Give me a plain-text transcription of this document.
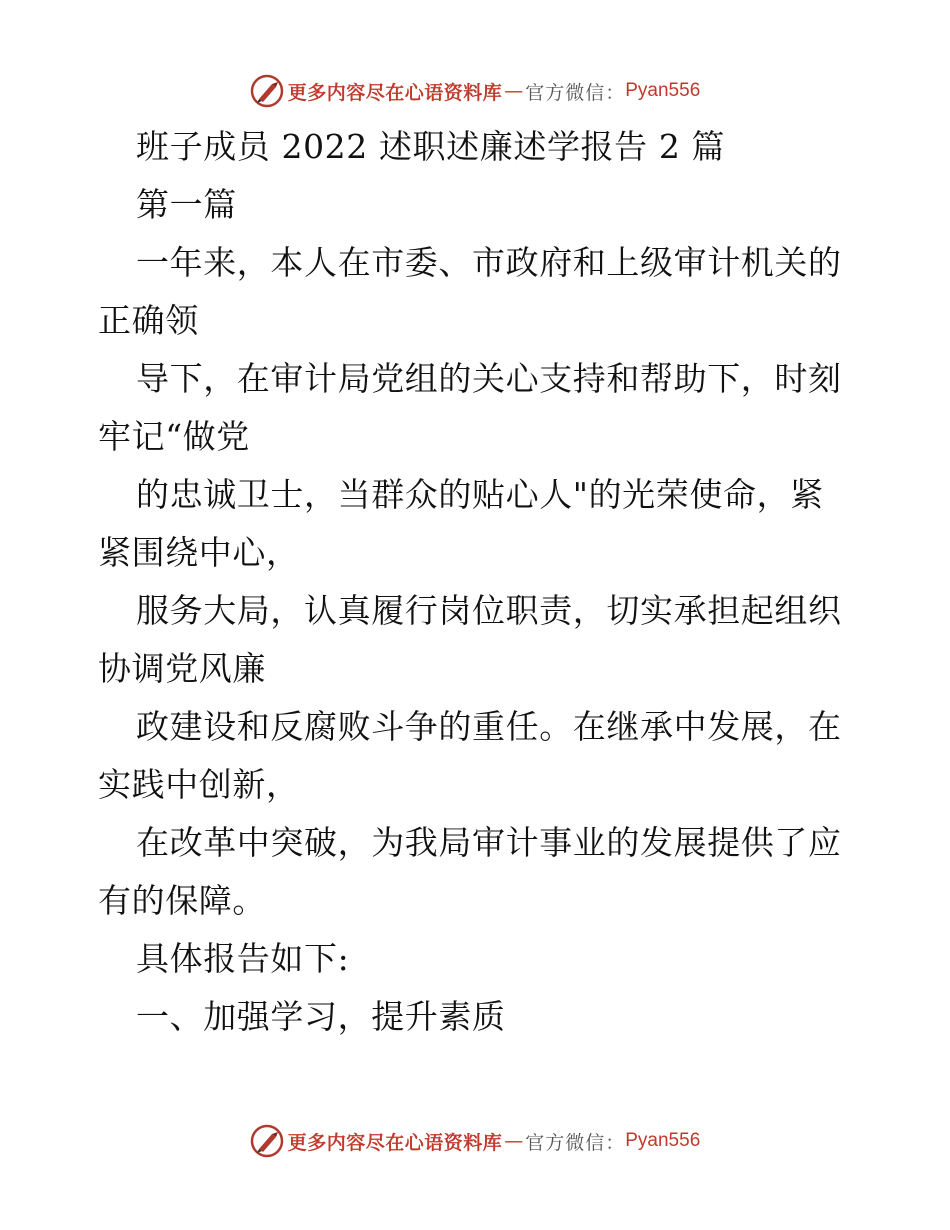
更多内容尽在心语资料库 — 官方微信： Pyan556
班子成员 2022 述职述廉述学报告 2 篇
第一篇
一年来，本人在市委、市政府和上级审计机关的
正确领
导下，在审计局党组的关心支持和帮助下，时刻
牢记“做党
的忠诚卫士，当群众的贴心人"的光荣使命，紧
紧围绕中心，
服务大局，认真履行岗位职责，切实承担起组织
协调党风廉
政建设和反腐败斗争的重任。在继承中发展，在
实践中创新，
在改革中突破，为我局审计事业的发展提供了应
有的保障。
具体报告如下:
一、加强学习，提升素质
更多内容尽在心语资料库 — 官方微信： Pyan556
